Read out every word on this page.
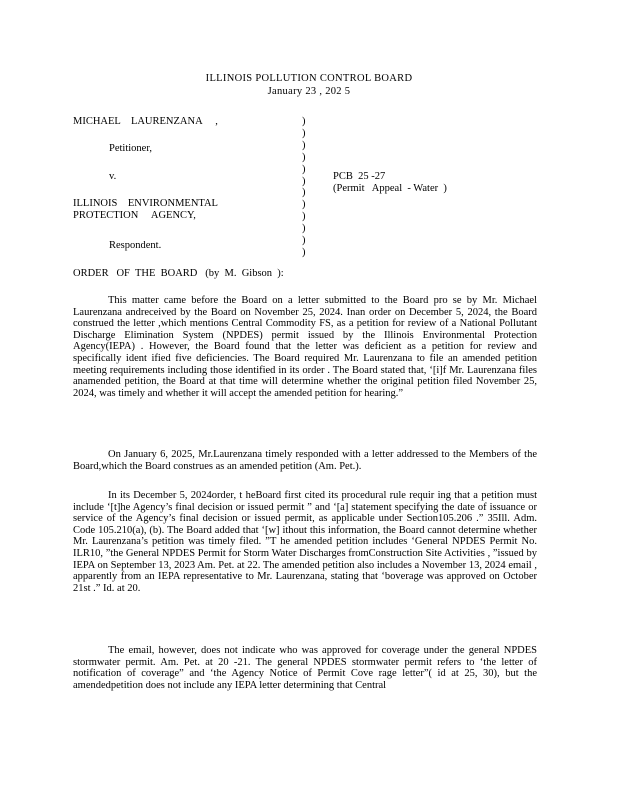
ILLINOIS POLLUTION CONTROL BOARD
January 23 , 202 5
MICHAEL    LAURENZANA     ,
Petitioner,
v.
ILLINOIS    ENVIRONMENTAL
PROTECTION     AGENCY,
Respondent.
)
)
)
)
)
)
)
)
)
)
)
)
PCB  25 -27
(Permit   Appeal  - Water  )
ORDER   OF  THE  BOARD   (by  M.  Gibson  ):
This matter came before the Board on a letter submitted to the Board pro se by Mr. Michael Laurenzana andreceived by the Board on November 25, 2024. Inan order on December 5, 2024, the Board construed the letter ,which mentions Central Commodity FS, as a petition for review of a National Pollutant Discharge Elimination System (NPDES) permit issued by the Illinois Environmental Protection Agency(IEPA) . However, the Board found that the letter was deficient as a petition for review and specifically ident ified five deficiencies. The Board required Mr. Laurenzana to file an amended petition meeting requirements including those identified in its order . The Board stated that, ‘[i]f Mr. Laurenzana files anamended petition, the Board at that time will determine whether the original petition filed November 25, 2024, was timely and whether it will accept the amended petition for hearing.”
On January 6, 2025, Mr.Laurenzana timely responded with a letter addressed to the Members of the Board,which the Board construes as an amended petition (Am. Pet.).
In its December 5, 2024order, t heBoard first cited its procedural rule requir ing that a petition must include ‘[t]he Agency’s final decision or issued permit ” and ‘[a] statement specifying the date of issuance or service of the Agency’s final decision or issued permit, as applicable under Section105.206 .” 35Ill. Adm. Code 105.210(a), (b). The Board added that ‘[w] ithout this information, the Board cannot determine whether Mr. Laurenzana’s petition was timely filed. ”T he amended petition includes ‘General NPDES Permit No. ILR10, ”the General NPDES Permit for Storm Water Discharges fromConstruction Site Activities , ”issued by IEPA on September 13, 2023 Am. Pet. at 22. The amended petition also includes a November 13, 2024 email , apparently from an IEPA representative to Mr. Laurenzana, stating that ‘boverage was approved on October 21st .” Id. at 20.
The email, however, does not indicate who was approved for coverage under the general NPDES stormwater permit. Am. Pet. at 20 -21. The general NPDES stormwater permit refers to ‘the letter of notification of coverage” and ‘the Agency Notice of Permit Cove rage letter”( id at 25, 30), but the amendedpetition does not include any IEPA letter determining that Central
